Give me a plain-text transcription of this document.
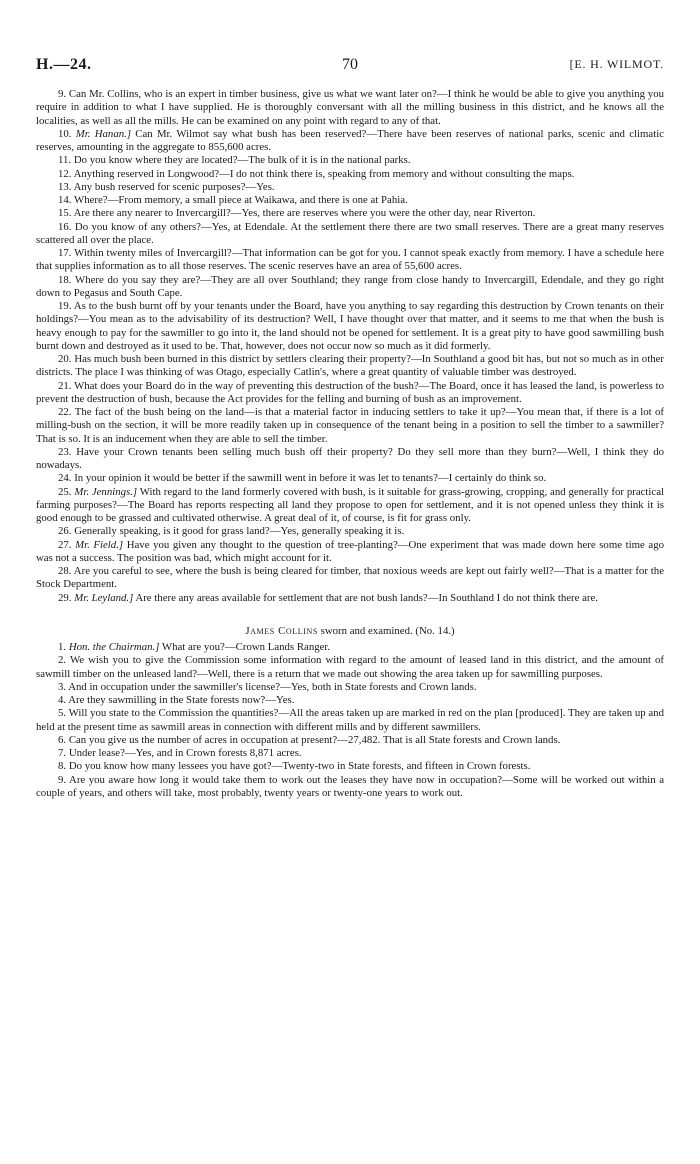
H.—24.	70	[E. H. WILMOT.

9. Can Mr. Collins, who is an expert in timber business, give us what we want later on?—I think he would be able to give you anything you require in addition to what I have supplied. He is thoroughly conversant with all the milling business in this district, and he knows all the localities, as well as all the mills. He can be examined on any point with regard to any of that.

10. Mr. Hanan.] Can Mr. Wilmot say what bush has been reserved?—There have been reserves of national parks, scenic and climatic reserves, amounting in the aggregate to 855,600 acres.

11. Do you know where they are located?—The bulk of it is in the national parks.

12. Anything reserved in Longwood?—I do not think there is, speaking from memory and without consulting the maps.

13. Any bush reserved for scenic purposes?—Yes.

14. Where?—From memory, a small piece at Waikawa, and there is one at Pahia.

15. Are there any nearer to Invercargill?—Yes, there are reserves where you were the other day, near Riverton.

16. Do you know of any others?—Yes, at Edendale. At the settlement there there are two small reserves. There are a great many reserves scattered all over the place.

17. Within twenty miles of Invercargill?—That information can be got for you. I cannot speak exactly from memory. I have a schedule here that supplies information as to all those reserves. The scenic reserves have an area of 55,600 acres.

18. Where do you say they are?—They are all over Southland; they range from close handy to Invercargill, Edendale, and they go right down to Pegasus and South Cape.

19. As to the bush burnt off by your tenants under the Board, have you anything to say regarding this destruction by Crown tenants on their holdings?—You mean as to the advisability of its destruction? Well, I have thought over that matter, and it seems to me that when the bush is heavy enough to pay for the sawmiller to go into it, the land should not be opened for settlement. It is a great pity to have good sawmilling bush burnt down and destroyed as it used to be. That, however, does not occur now so much as it did formerly.

20. Has much bush been burned in this district by settlers clearing their property?—In Southland a good bit has, but not so much as in other districts. The place I was thinking of was Otago, especially Catlin's, where a great quantity of valuable timber was destroyed.

21. What does your Board do in the way of preventing this destruction of the bush?—The Board, once it has leased the land, is powerless to prevent the destruction of bush, because the Act provides for the felling and burning of bush as an improvement.

22. The fact of the bush being on the land—is that a material factor in inducing settlers to take it up?—You mean that, if there is a lot of milling-bush on the section, it will be more readily taken up in consequence of the tenant being in a position to sell the timber to a sawmiller? That is so. It is an inducement when they are able to sell the timber.

23. Have your Crown tenants been selling much bush off their property? Do they sell more than they burn?—Well, I think they do nowadays.

24. In your opinion it would be better if the sawmill went in before it was let to tenants?—I certainly do think so.

25. Mr. Jennings.] With regard to the land formerly covered with bush, is it suitable for grass-growing, cropping, and generally for practical farming purposes?—The Board has reports respecting all land they propose to open for settlement, and it is not opened unless they think it is good enough to be grassed and cultivated otherwise. A great deal of it, of course, is fit for grass only.

26. Generally speaking, is it good for grass land?—Yes, generally speaking it is.

27. Mr. Field.] Have you given any thought to the question of tree-planting?—One experiment that was made down here some time ago was not a success. The position was bad, which might account for it.

28. Are you careful to see, where the bush is being cleared for timber, that noxious weeds are kept out fairly well?—That is a matter for the Stock Department.

29. Mr. Leyland.] Are there any areas available for settlement that are not bush lands?—In Southland I do not think there are.

James Collins sworn and examined. (No. 14.)

1. Hon. the Chairman.] What are you?—Crown Lands Ranger.

2. We wish you to give the Commission some information with regard to the amount of leased land in this district, and the amount of sawmill timber on the unleased land?—Well, there is a return that we made out showing the area taken up for sawmilling purposes.

3. And in occupation under the sawmiller's license?—Yes, both in State forests and Crown lands.

4. Are they sawmilling in the State forests now?—Yes.

5. Will you state to the Commission the quantities?—All the areas taken up are marked in red on the plan [produced]. They are taken up and held at the present time as sawmill areas in connection with different mills and by different sawmillers.

6. Can you give us the number of acres in occupation at present?—27,482. That is all State forests and Crown lands.

7. Under lease?—Yes, and in Crown forests 8,871 acres.

8. Do you know how many lessees you have got?—Twenty-two in State forests, and fifteen in Crown forests.

9. Are you aware how long it would take them to work out the leases they have now in occupation?—Some will be worked out within a couple of years, and others will take, most probably, twenty years or twenty-one years to work out.
